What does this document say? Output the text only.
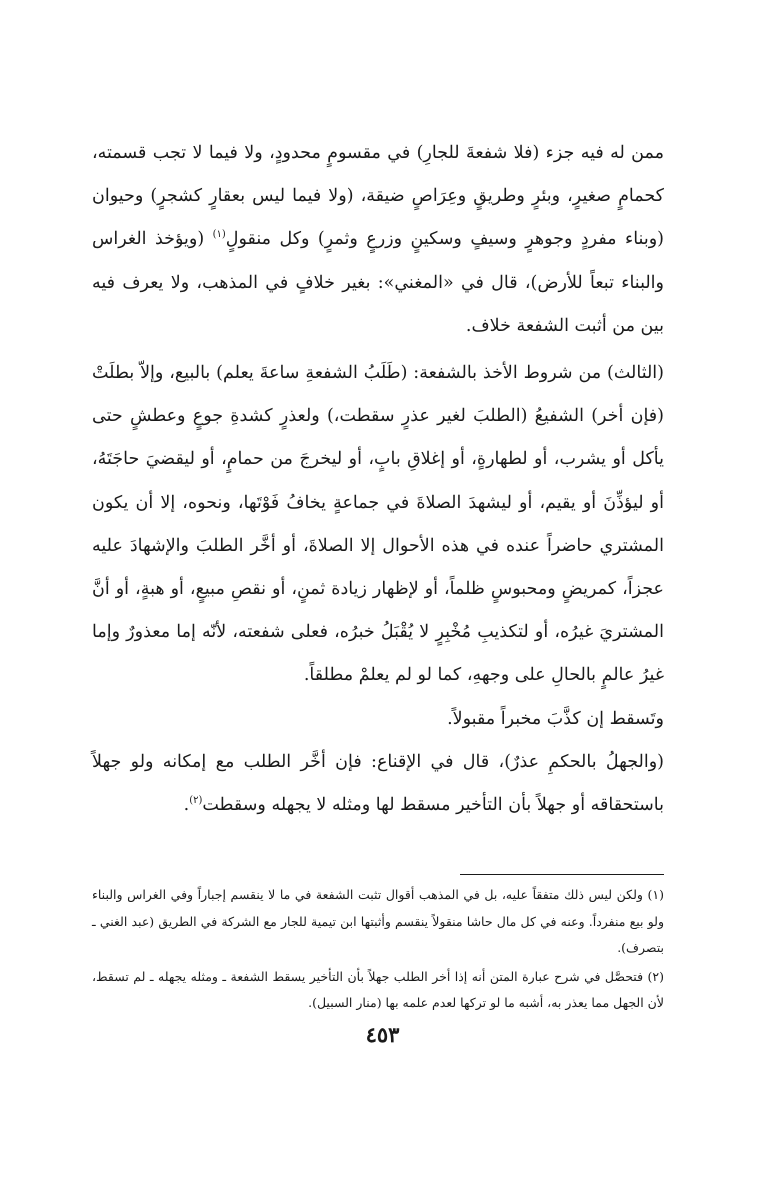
ممن له فيه جزء (فلا شفعةَ للجارِ) في مقسومٍ محدودٍ، ولا فيما لا تجب قسمته، كحمامٍ صغيرٍ، وبئرٍ وطريقٍ وعِرَاصٍ ضيقة، (ولا فيما ليس بعقارٍ كشجرٍ) وحيوان (وبناء مفردٍ وجوهرٍ وسيفٍ وسكينٍ وزرعٍ وثمرٍ) وكل منقولٍ$^{(١)}$ (ويؤخذ الغراس والبناء تبعاً للأرض)، قال في «المغني»: بغير خلافٍ في المذهب، ولا يعرف فيه بين من أثبت الشفعة خلاف.

(الثالث) من شروط الأخذ بالشفعة: (طَلَبُ الشفعةِ ساعةَ يعلم) بالبيع، وإلاّ بطلَتْ (فإن أخر) الشفيعُ (الطلبَ لغير عذرٍ سقطت،) ولعذرٍ كشدةِ جوعٍ وعطشٍ حتى يأكل أو يشرب، أو لطهارةٍ، أو إغلاقِ بابٍ، أو ليخرجَ من حمامٍ، أو ليقضيَ حاجَتَهُ، أو ليؤذِّنَ أو يقيم، أو ليشهدَ الصلاةَ في جماعةٍ يخافُ فَوْتَها، ونحوه، إلا أن يكون المشتري حاضراً عنده في هذه الأحوال إلا الصلاةَ، أو أخَّر الطلبَ والإشهادَ عليه عجزاً، كمريضٍ ومحبوسٍ ظلماً، أو لإظهار زيادة ثمنٍ، أو نقصِ مبيعٍ، أو هبةٍ، أو أنَّ المشتريَ غيرُه، أو لتكذيبِ مُخْبِرٍ لا يُقْبَلُ خبرُه، فعلى شفعته، لأنّه إما معذورٌ وإما غيرُ عالمٍ بالحالِ على وجههِ، كما لو لم يعلمْ مطلقاً.

وتَسقط إن كذَّبَ مخبراً مقبولاً.

(والجهلُ بالحكمِ عذرٌ)، قال في الإقناع: فإن أخَّر الطلب مع إمكانه ولو جهلاً باستحقاقه أو جهلاً بأن التأخير مسقط لها ومثله لا يجهله وسقطت$^{(٢)}$.

(١) ولكن ليس ذلك متفقاً عليه، بل في المذهب أقوال تثبت الشفعة في ما لا ينقسم إجباراً وفي الغراس والبناء ولو بيع منفرداً. وعنه في كل مال حاشا منقولاً ينقسم وأثبتها ابن تيمية للجار مع الشركة في الطريق (عبد الغني ـ بتصرف).

(٢) فتحصَّل في شرح عبارة المتن أنه إذا أخر الطلب جهلاً بأن التأخير يسقط الشفعة ـ ومثله يجهله ـ لم تسقط، لأن الجهل مما يعذر به، أشبه ما لو تركها لعدم علمه بها (منار السبيل).

٤٥٣
